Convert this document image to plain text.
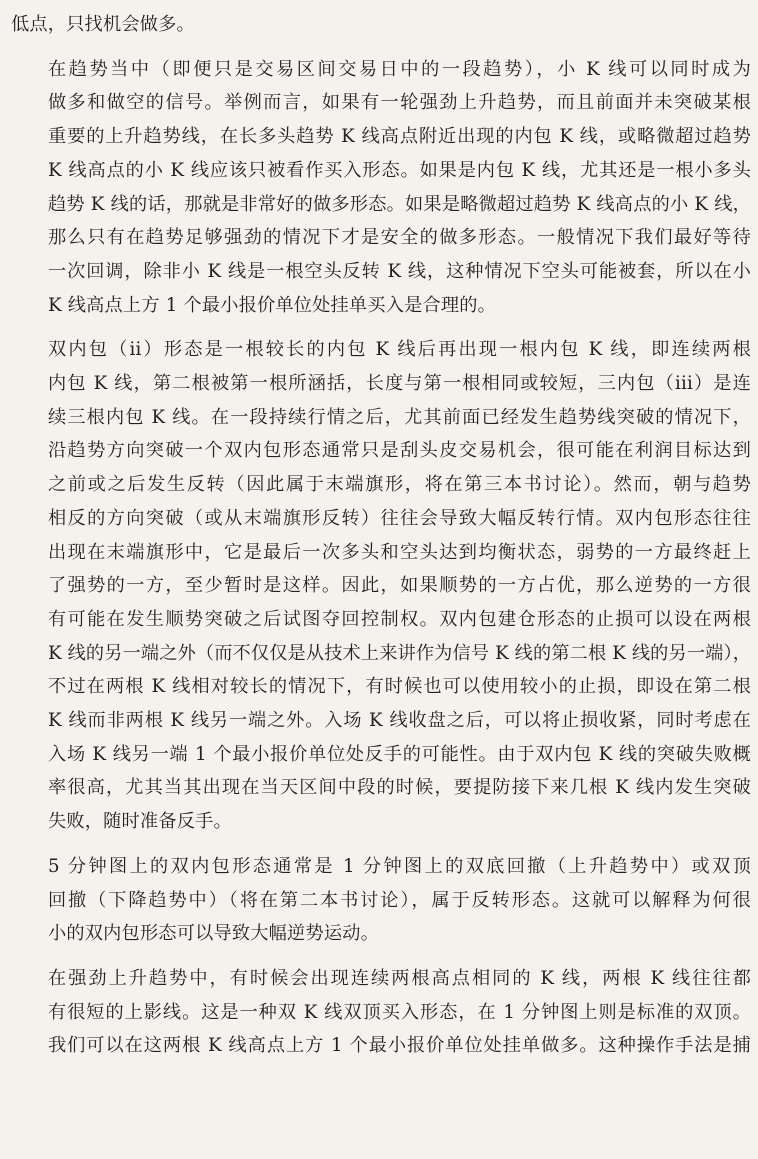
低点，只找机会做多。

在趋势当中（即便只是交易区间交易日中的一段趋势），小 K 线可以同时成为
做多和做空的信号。举例而言，如果有一轮强劲上升趋势，而且前面并未突破某根
重要的上升趋势线，在长多头趋势 K 线高点附近出现的内包 K 线，或略微超过趋势
K 线高点的小 K 线应该只被看作买入形态。如果是内包 K 线，尤其还是一根小多头
趋势 K 线的话，那就是非常好的做多形态。如果是略微超过趋势 K 线高点的小 K 线，
那么只有在趋势足够强劲的情况下才是安全的做多形态。一般情况下我们最好等待
一次回调，除非小 K 线是一根空头反转 K 线，这种情况下空头可能被套，所以在小
K 线高点上方 1 个最小报价单位处挂单买入是合理的。

双内包（ii）形态是一根较长的内包 K 线后再出现一根内包 K 线，即连续两根
内包 K 线，第二根被第一根所涵括，长度与第一根相同或较短，三内包（iii）是连
续三根内包 K 线。在一段持续行情之后，尤其前面已经发生趋势线突破的情况下，
沿趋势方向突破一个双内包形态通常只是刮头皮交易机会，很可能在利润目标达到
之前或之后发生反转（因此属于末端旗形，将在第三本书讨论）。然而，朝与趋势
相反的方向突破（或从末端旗形反转）往往会导致大幅反转行情。双内包形态往往
出现在末端旗形中，它是最后一次多头和空头达到均衡状态，弱势的一方最终赶上
了强势的一方，至少暂时是这样。因此，如果顺势的一方占优，那么逆势的一方很
有可能在发生顺势突破之后试图夺回控制权。双内包建仓形态的止损可以设在两根
K 线的另一端之外（而不仅仅是从技术上来讲作为信号 K 线的第二根 K 线的另一端），
不过在两根 K 线相对较长的情况下，有时候也可以使用较小的止损，即设在第二根
K 线而非两根 K 线另一端之外。入场 K 线收盘之后，可以将止损收紧，同时考虑在
入场 K 线另一端 1 个最小报价单位处反手的可能性。由于双内包 K 线的突破失败概
率很高，尤其当其出现在当天区间中段的时候，要提防接下来几根 K 线内发生突破
失败，随时准备反手。

5 分钟图上的双内包形态通常是 1 分钟图上的双底回撤（上升趋势中）或双顶
回撤（下降趋势中）（将在第二本书讨论），属于反转形态。这就可以解释为何很
小的双内包形态可以导致大幅逆势运动。

在强劲上升趋势中，有时候会出现连续两根高点相同的 K 线，两根 K 线往往都
有很短的上影线。这是一种双 K 线双顶买入形态，在 1 分钟图上则是标准的双顶。
我们可以在这两根 K 线高点上方 1 个最小报价单位处挂单做多。这种操作手法是捕
